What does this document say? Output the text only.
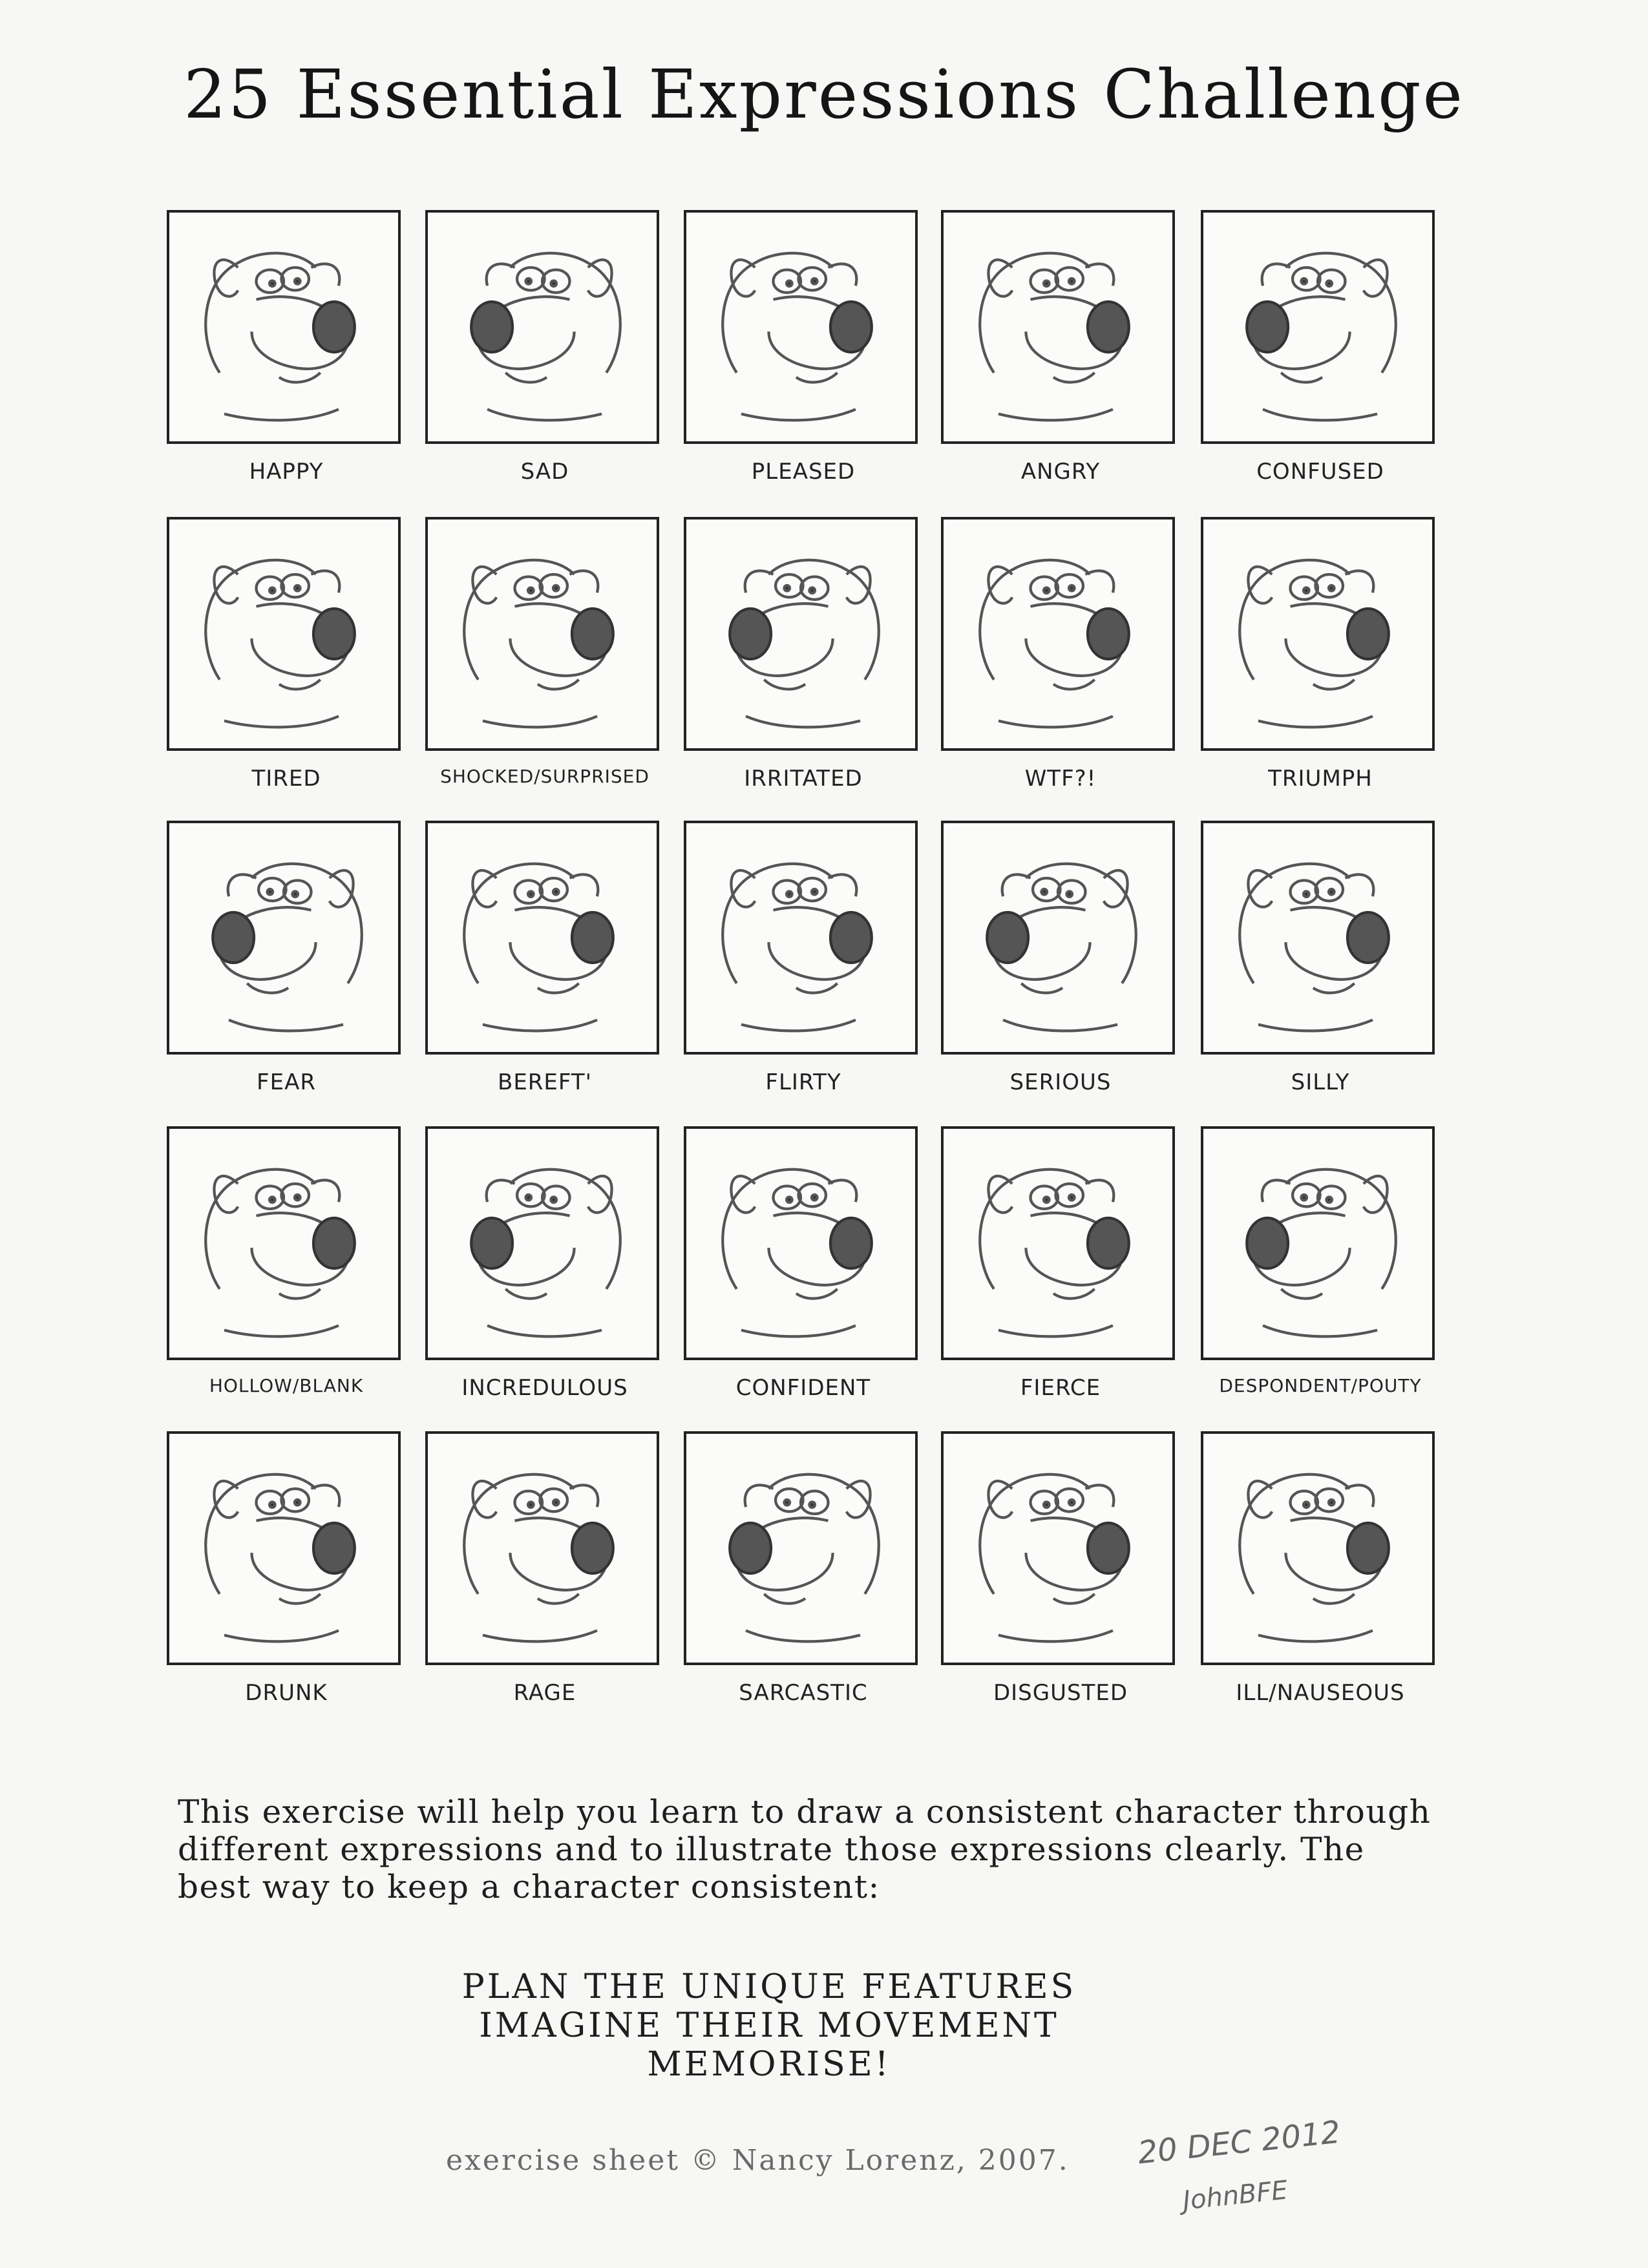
25 Essential Expressions Challenge
HAPPY	SAD	PLEASED	ANGRY	CONFUSED
TIRED	SHOCKED/SURPRISED	IRRITATED	WTF?!	TRIUMPH
FEAR	BEREFT'	FLIRTY	SERIOUS	SILLY
HOLLOW/BLANK	INCREDULOUS	CONFIDENT	FIERCE	DESPONDENT/POUTY
DRUNK	RAGE	SARCASTIC	DISGUSTED	ILL/NAUSEOUS
This exercise will help you learn to draw a consistent character through
different expressions and to illustrate those expressions clearly. The
best way to keep a character consistent:
PLAN THE UNIQUE FEATURES
IMAGINE THEIR MOVEMENT
MEMORISE!
exercise sheet © Nancy Lorenz, 2007. 20 DEC 2012
JohnBFE
